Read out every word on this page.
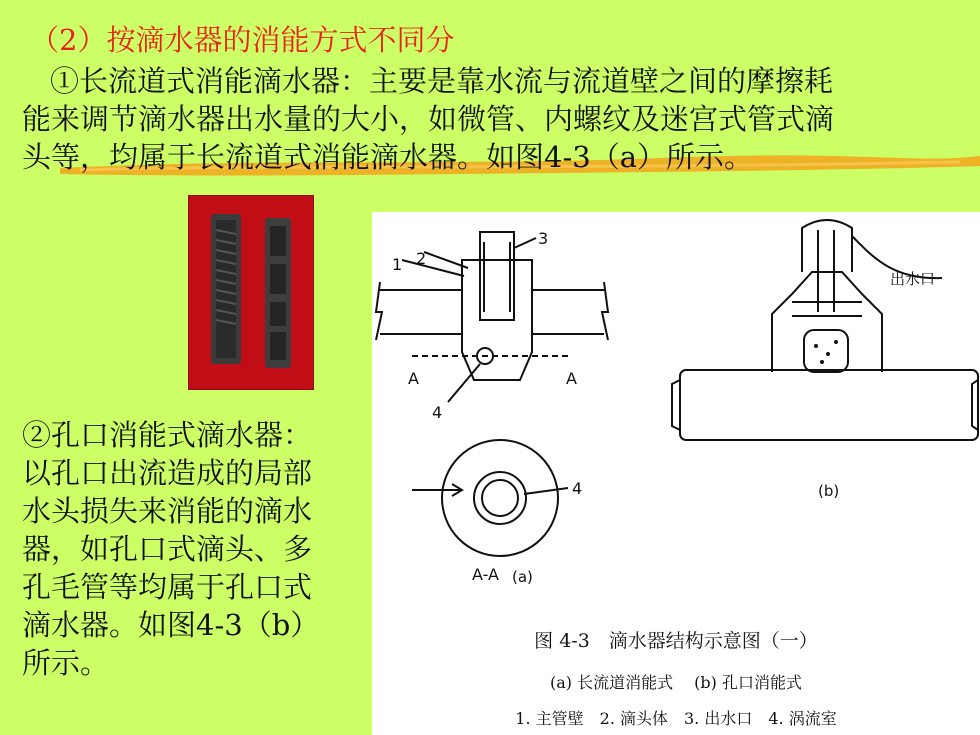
（2）按滴水器的消能方式不同分

①长流道式消能滴水器：主要是靠水流与流道壁之间的摩擦耗
能来调节滴水器出水量的大小，如微管、内螺纹及迷宫式管式滴
头等，均属于长流道式消能滴水器。如图4-3（a）所示。

②孔口消能式滴水器：
以孔口出流造成的局部
水头损失来消能的滴水
器，如孔口式滴头、多
孔毛管等均属于孔口式
滴水器。如图4-3（b）
所示。

1 2
3
4
A	A
4
A-A (a)
(b)
出水口
图 4-3　滴水器结构示意图（一）
(a) 长流道消能式　 (b) 孔口消能式
1. 主管壁　2. 滴头体　3. 出水口　4. 涡流室
